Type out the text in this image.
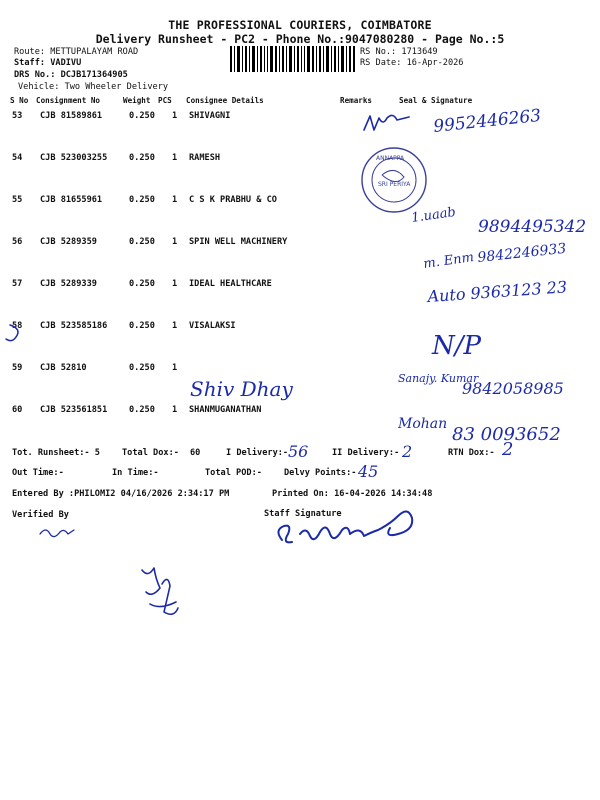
THE PROFESSIONAL COURIERS, COIMBATORE
Delivery Runsheet - PC2 - Phone No.:9047080280 - Page No.:5
Route: METTUPALAYAM ROAD
Staff: VADIVU
DRS No.: DCJB171364905
Vehicle: Two Wheeler Delivery
RS No.: 1713649
RS Date: 16-Apr-2026
S No Consignment No	Weight PCS Consignee Details	Remarks	Seal & Signature
53 CJB 81589861	0.250 1 SHIVAGNI
54 CJB 523003255	0.250 1 RAMESH
55 CJB 81655961	0.250 1 C S K PRABHU & CO
56 CJB 5289359	0.250 1 SPIN WELL MACHINERY
57 CJB 5289339	0.250 1 IDEAL HEALTHCARE
58 CJB 523585186	0.250 1 VISALAKSI
59 CJB 52810	0.250 1
60 CJB 523561851	0.250 1 SHANMUGANATHAN
9952446263
ANNAPPA
SRI PERIYA
1.uaab
9894495342
m. Enm 9842246933
Auto 9363123 23
N/P
Shiv Dhay	Sanajy. Kumar
9842058985
Mohan 83 0093652
Tot. Runsheet:- 5	Total Dox:- 60	I Delivery:- 56	II Delivery:- 2	RTN Dox:- 2
Out Time:-	In Time:-	Total POD:-	Delvy Points:- 45
Entered By :PHILOMI2 04/16/2026 2:34:17 PM	Printed On: 16-04-2026 14:34:48
Verified By	Staff Signature
